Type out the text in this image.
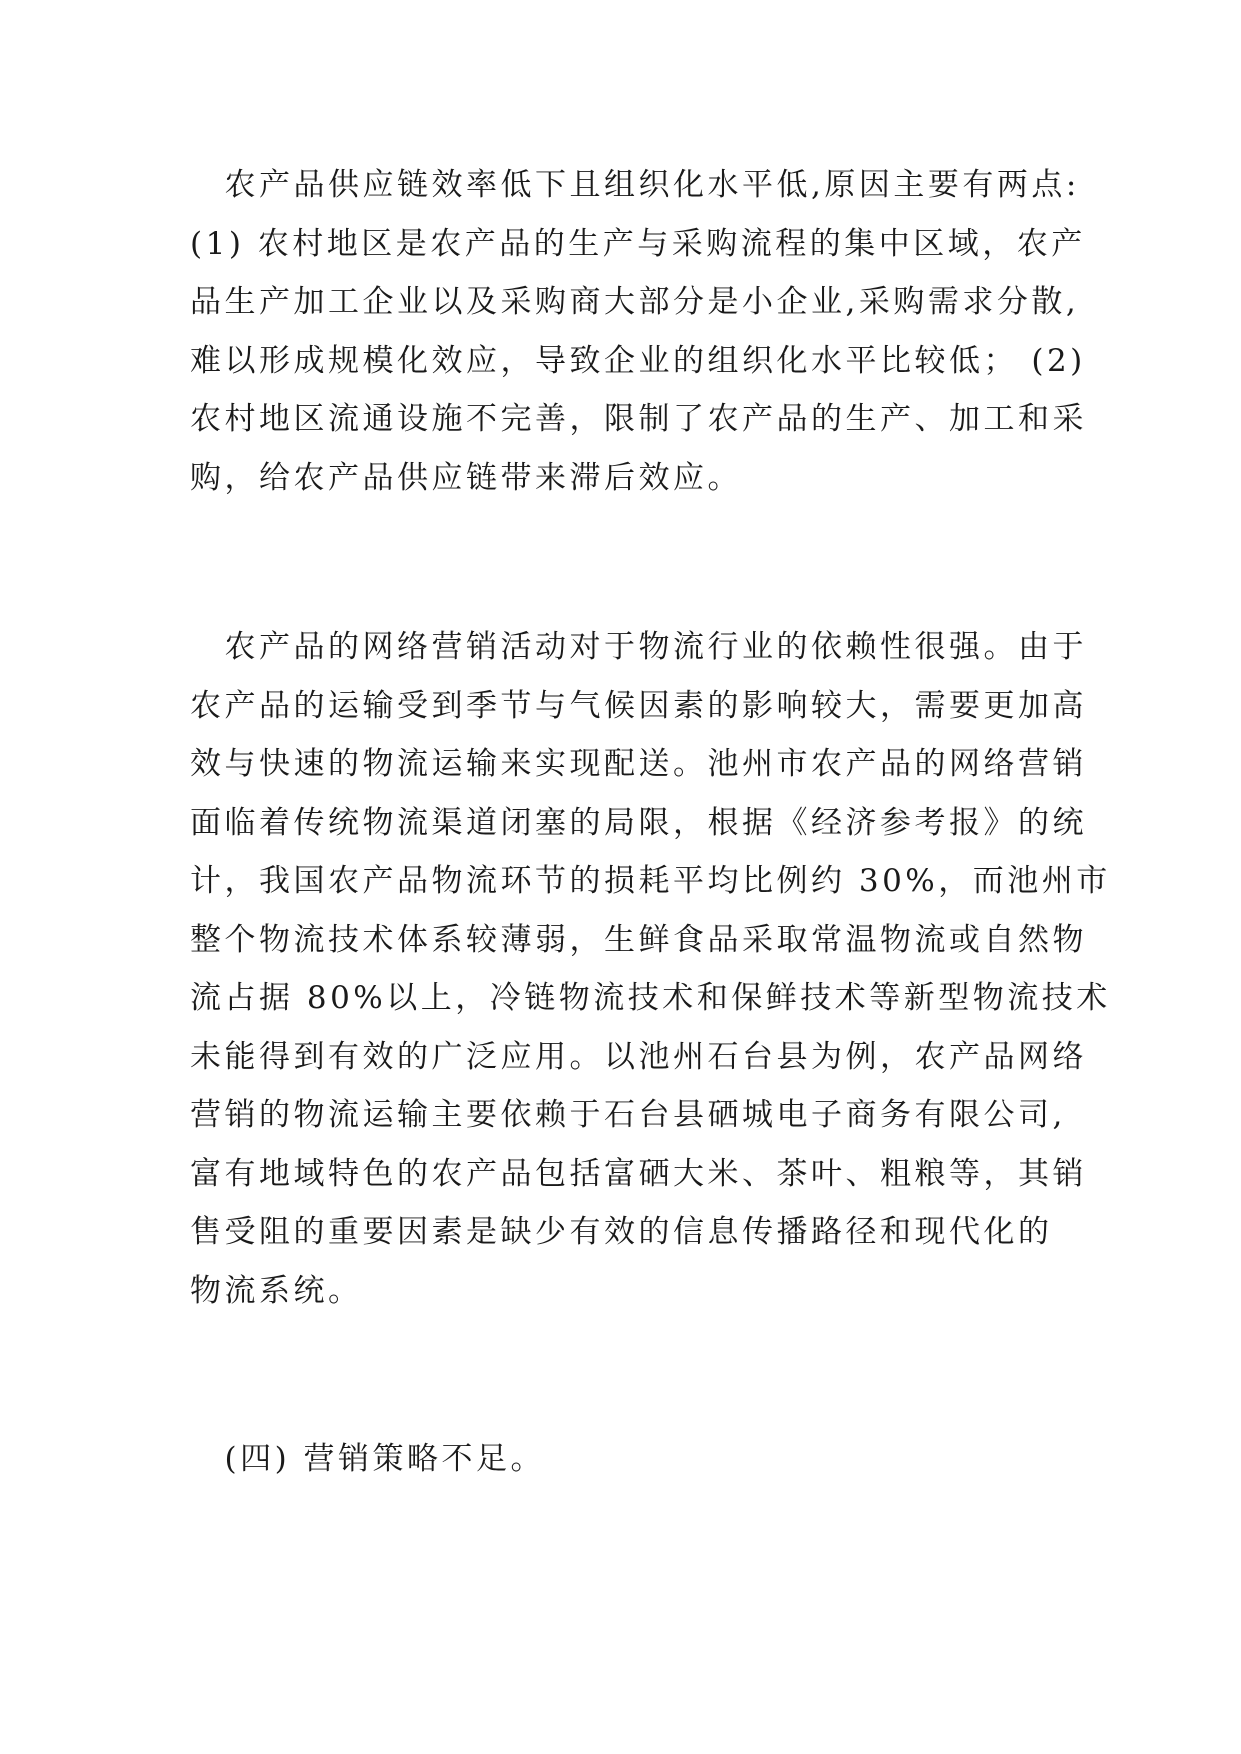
　农产品供应链效率低下且组织化水平低,原因主要有两点:
(1) 农村地区是农产品的生产与采购流程的集中区域，农产
品生产加工企业以及采购商大部分是小企业,采购需求分散,
难以形成规模化效应，导致企业的组织化水平比较低； (2)
农村地区流通设施不完善，限制了农产品的生产、加工和采
购，给农产品供应链带来滞后效应。
　农产品的网络营销活动对于物流行业的依赖性很强。由于
农产品的运输受到季节与气候因素的影响较大，需要更加高
效与快速的物流运输来实现配送。池州市农产品的网络营销
面临着传统物流渠道闭塞的局限，根据《经济参考报》的统
计，我国农产品物流环节的损耗平均比例约 30%，而池州市
整个物流技术体系较薄弱，生鲜食品采取常温物流或自然物
流占据 80%以上，冷链物流技术和保鲜技术等新型物流技术
未能得到有效的广泛应用。以池州石台县为例，农产品网络
营销的物流运输主要依赖于石台县硒城电子商务有限公司,
富有地域特色的农产品包括富硒大米、茶叶、粗粮等，其销
售受阻的重要因素是缺少有效的信息传播路径和现代化的
物流系统。
　(四) 营销策略不足。
